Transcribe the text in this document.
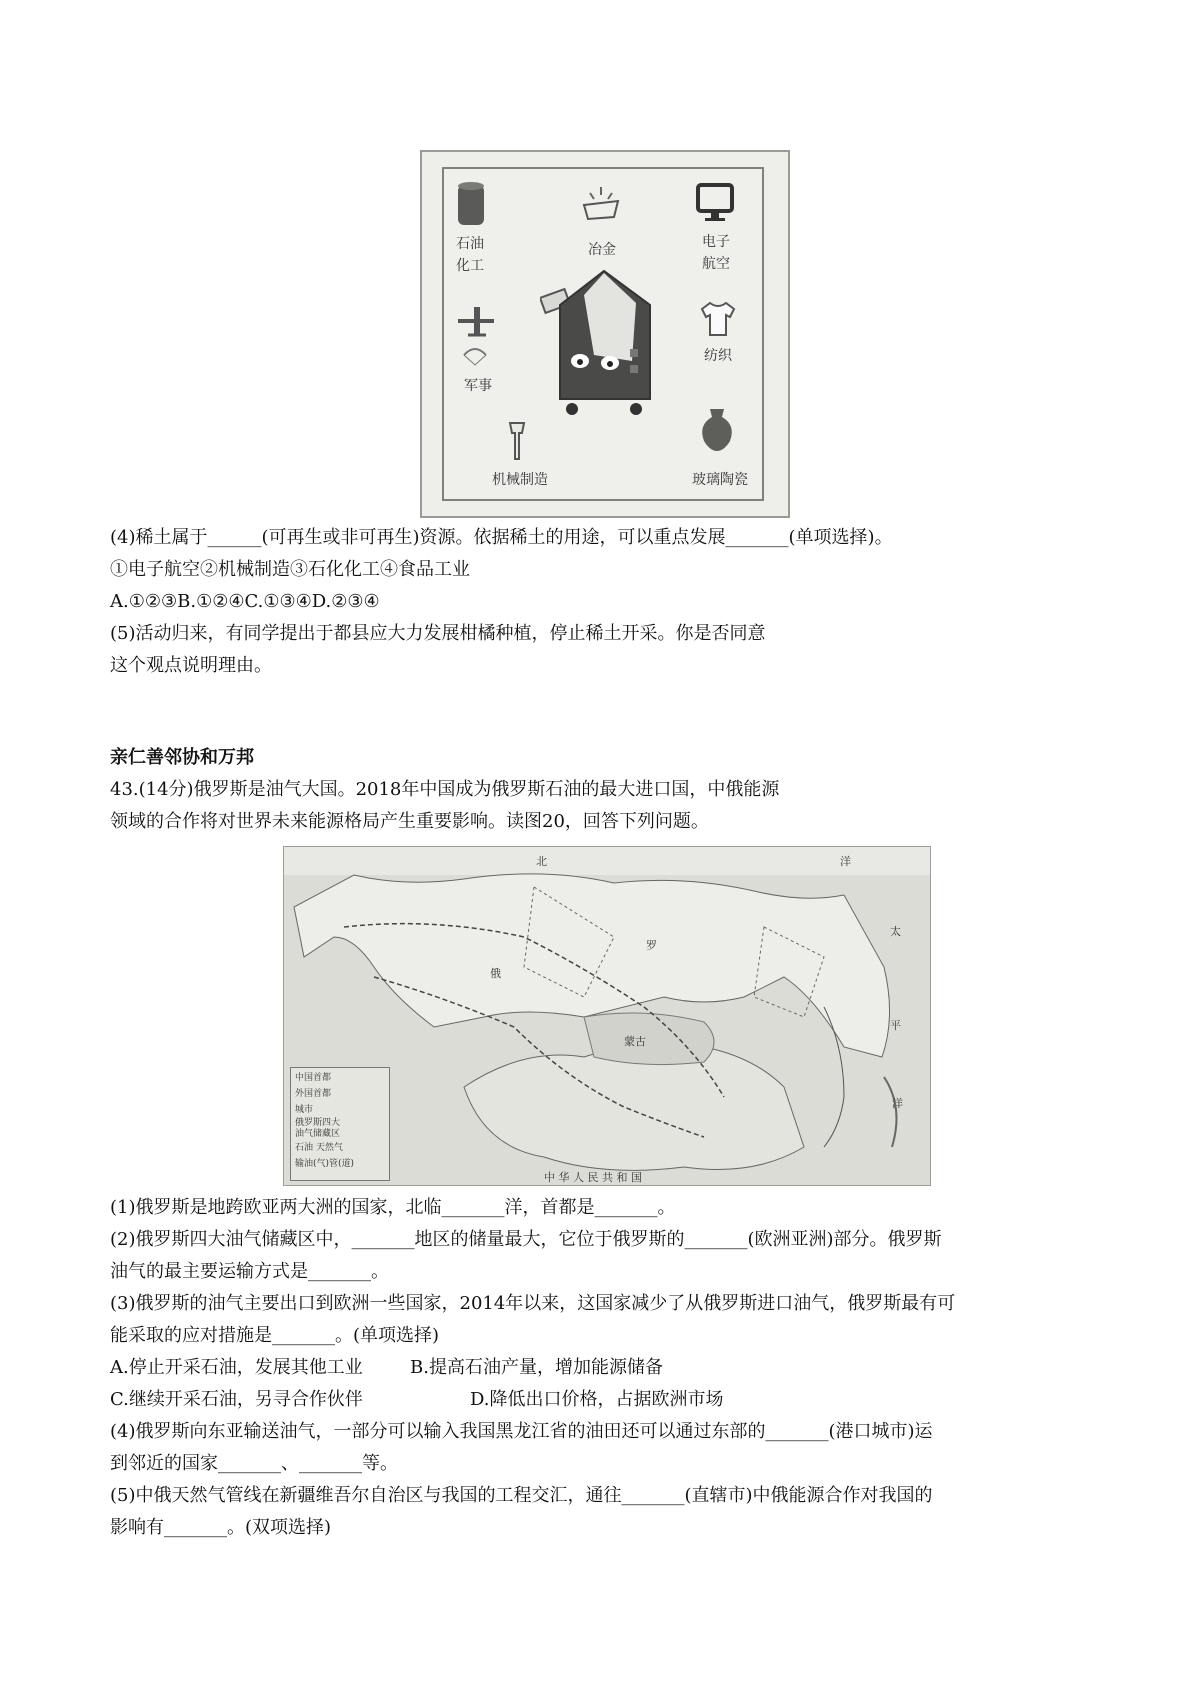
石油
化工
冶金	电子
航空
军事
纺织
机械制造	玻璃陶瓷
(4)稀土属于______(可再生或非可再生)资源。依据稀土的用途，可以重点发展_______(单项选择)。
①电子航空②机械制造③石化化工④食品工业
A.①②③B.①②④C.①③④D.②③④
(5)活动归来，有同学提出于都县应大力发展柑橘种植，停止稀土开采。你是否同意
这个观点说明理由。
亲仁善邻协和万邦
43.(14分)俄罗斯是油气大国。2018年中国成为俄罗斯石油的最大进口国，中俄能源
领域的合作将对世界未来能源格局产生重要影响。读图20，回答下列问题。
北	洋
太
平
洋
俄
罗
蒙古
中 华 人 民 共 和 国
中国首都
外国首都
城市
俄罗斯四大
油气储藏区
石油 天然气
输油(气)管(道)
(1)俄罗斯是地跨欧亚两大洲的国家，北临_______洋，首都是_______。
(2)俄罗斯四大油气储藏区中，_______地区的储量最大，它位于俄罗斯的_______(欧洲亚洲)部分。俄罗斯
油气的最主要运输方式是_______。
(3)俄罗斯的油气主要出口到欧洲一些国家，2014年以来，这国家减少了从俄罗斯进口油气，俄罗斯最有可
能采取的应对措施是_______。(单项选择)
A.停止开采石油，发展其他工业	B.提高石油产量，增加能源储备
C.继续开采石油，另寻合作伙伴	D.降低出口价格，占据欧洲市场
(4)俄罗斯向东亚输送油气，一部分可以输入我国黑龙江省的油田还可以通过东部的_______(港口城市)运
到邻近的国家_______、_______等。
(5)中俄天然气管线在新疆维吾尔自治区与我国的工程交汇，通往_______(直辖市)中俄能源合作对我国的
影响有_______。(双项选择)
